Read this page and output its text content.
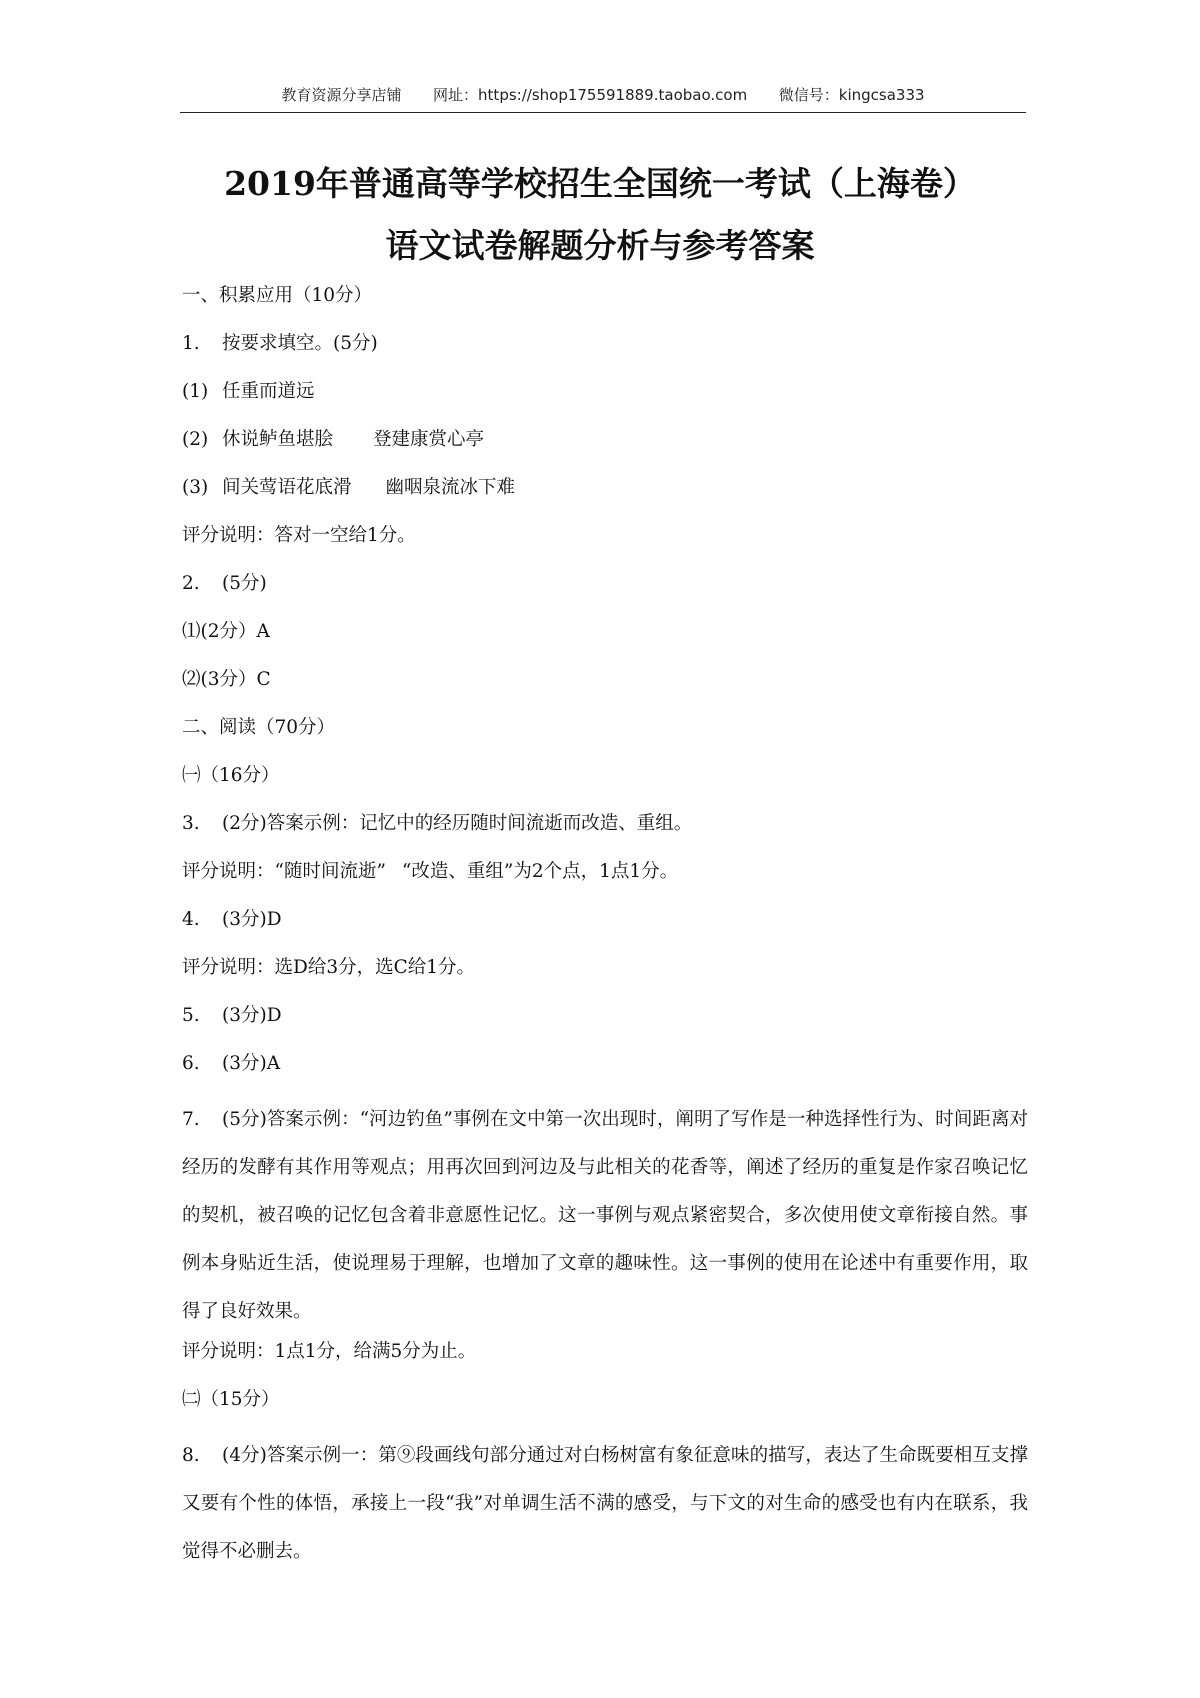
教育资源分享店铺 网址：https://shop175591889.taobao.com 微信号：kingcsa333
2019年普通高等学校招生全国统一考试（上海卷）
语文试卷解题分析与参考答案
一、积累应用（10分）
1. 按要求填空。(5分)
(1) 任重而道远
(2) 休说鲈鱼堪脍 登建康赏心亭
(3) 间关莺语花底滑 幽咽泉流冰下难
评分说明：答对一空给1分。
2. (5分)
⑴(2分）A
⑵(3分）C
二、阅读（70分）
㈠（16分）
3. (2分)答案示例：记忆中的经历随时间流逝而改造、重组。
评分说明：“随时间流逝” “改造、重组”为2个点，1点1分。
4. (3分)D
评分说明：选D给3分，选C给1分。
5. (3分)D
6. (3分)A
7. (5分)答案示例：“河边钓鱼”事例在文中第一次出现时，阐明了写作是一种选择性行为、时间距离对经历的发酵有其作用等观点；用再次回到河边及与此相关的花香等，阐述了经历的重复是作家召唤记忆的契机，被召唤的记忆包含着非意愿性记忆。这一事例与观点紧密契合，多次使用使文章衔接自然。事例本身贴近生活，使说理易于理解，也增加了文章的趣味性。这一事例的使用在论述中有重要作用，取得了良好效果。
评分说明：1点1分，给满5分为止。
㈡（15分）
8. (4分)答案示例一：第⑨段画线句部分通过对白杨树富有象征意味的描写，表达了生命既要相互支撑又要有个性的体悟，承接上一段“我”对单调生活不满的感受，与下文的对生命的感受也有内在联系，我觉得不必删去。
